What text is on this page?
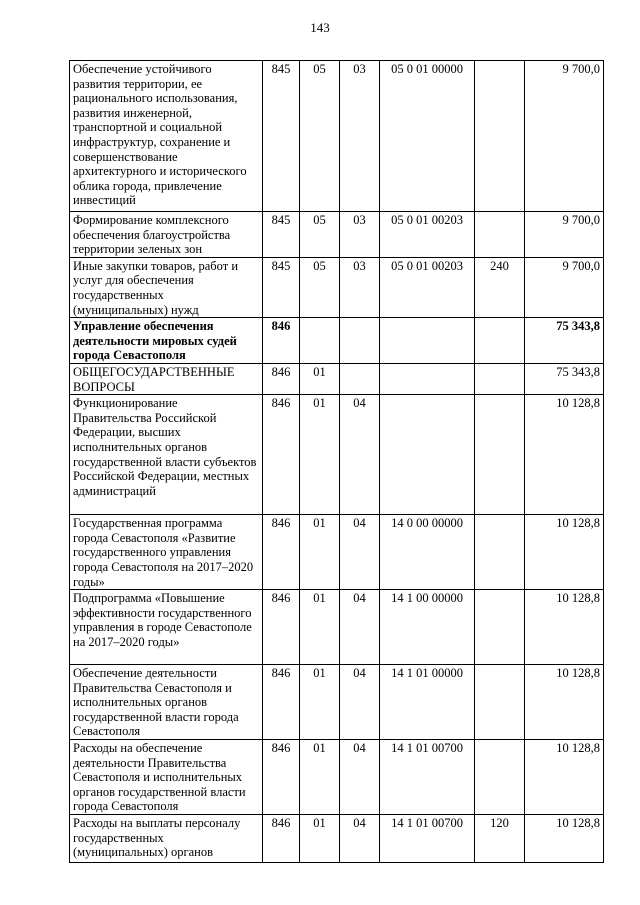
143
Обеспечение устойчивого развития территории, ее рационального использования, развития инженерной, транспортной и социальной инфраструктур, сохранение и совершенствование архитектурного и исторического облика города, привлечение инвестиций	845	05	03	05 0 01 00000		9 700,0
Формирование комплексного обеспечения благоустройства территории зеленых зон	845	05	03	05 0 01 00203		9 700,0
Иные закупки товаров, работ и услуг для обеспечения государственных (муниципальных) нужд	845	05	03	05 0 01 00203	240	9 700,0
Управление обеспечения деятельности мировых судей города Севастополя	846					75 343,8
ОБЩЕГОСУДАРСТВЕННЫЕ ВОПРОСЫ	846	01				75 343,8
Функционирование Правительства Российской Федерации, высших исполнительных органов государственной власти субъектов Российской Федерации, местных администраций	846	01	04			10 128,8
Государственная программа города Севастополя «Развитие государственного управления города Севастополя на 2017–2020 годы»	846	01	04	14 0 00 00000		10 128,8
Подпрограмма «Повышение эффективности государственного управления в городе Севастополе на 2017–2020 годы»	846	01	04	14 1 00 00000		10 128,8
Обеспечение деятельности Правительства Севастополя и исполнительных органов государственной власти города Севастополя	846	01	04	14 1 01 00000		10 128,8
Расходы на обеспечение деятельности Правительства Севастополя и исполнительных органов государственной власти города Севастополя	846	01	04	14 1 01 00700		10 128,8
Расходы на выплаты персоналу государственных (муниципальных) органов	846	01	04	14 1 01 00700	120	10 128,8
